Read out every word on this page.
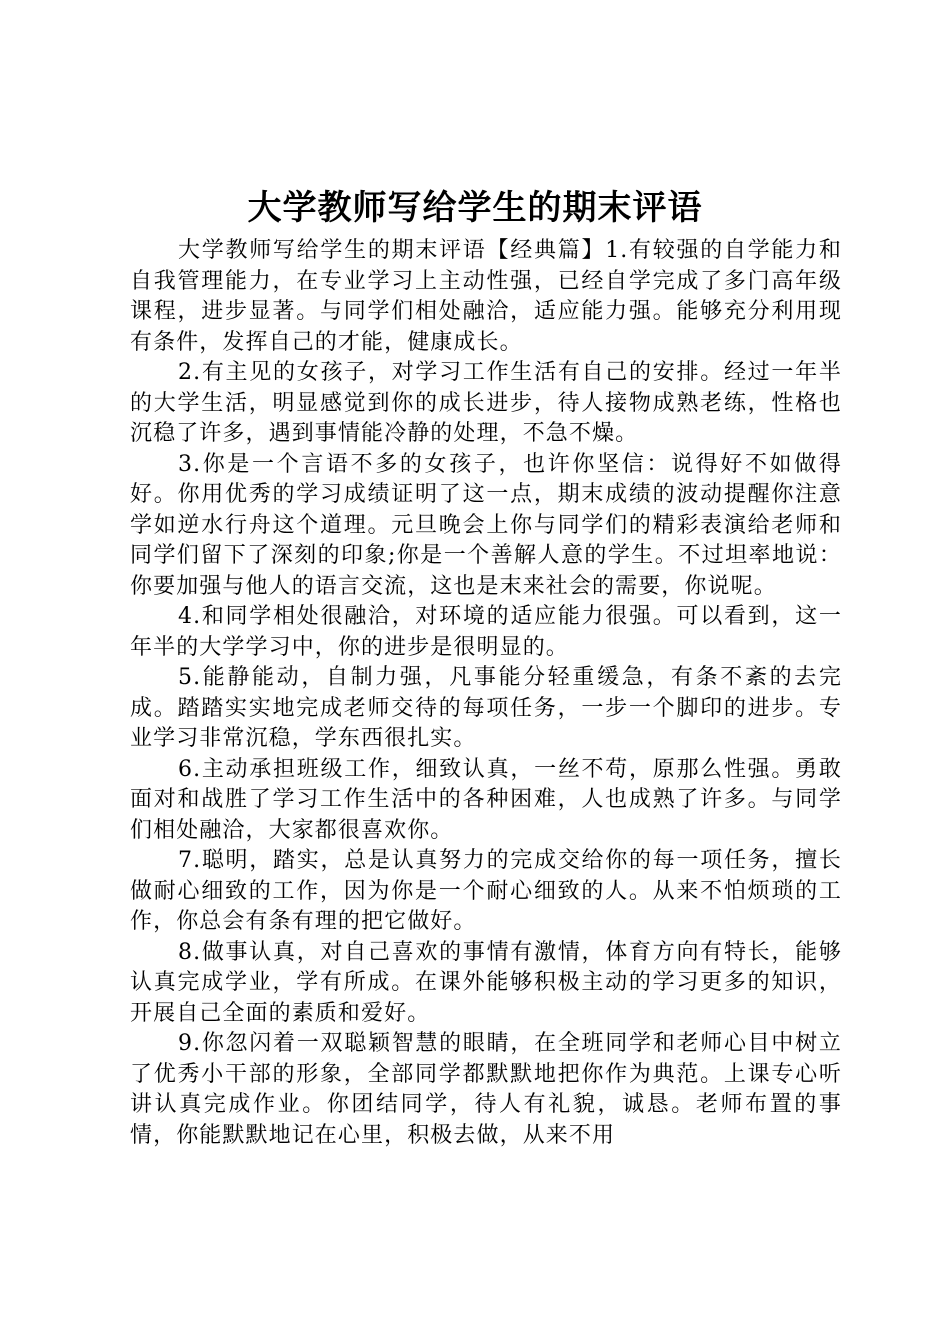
大学教师写给学生的期末评语

大学教师写给学生的期末评语【经典篇】1.有较强的自学能力和自我管理能力，在专业学习上主动性强，已经自学完成了多门高年级课程，进步显著。与同学们相处融洽，适应能力强。能够充分利用现有条件，发挥自己的才能，健康成长。

2.有主见的女孩子，对学习工作生活有自己的安排。经过一年半的大学生活，明显感觉到你的成长进步，待人接物成熟老练，性格也沉稳了许多，遇到事情能冷静的处理，不急不燥。

3.你是一个言语不多的女孩子，也许你坚信：说得好不如做得好。你用优秀的学习成绩证明了这一点，期末成绩的波动提醒你注意学如逆水行舟这个道理。元旦晚会上你与同学们的精彩表演给老师和同学们留下了深刻的印象;你是一个善解人意的学生。不过坦率地说：你要加强与他人的语言交流，这也是末来社会的需要，你说呢。

4.和同学相处很融洽，对环境的适应能力很强。可以看到，这一年半的大学学习中，你的进步是很明显的。

5.能静能动，自制力强，凡事能分轻重缓急，有条不紊的去完成。踏踏实实地完成老师交待的每项任务，一步一个脚印的进步。专业学习非常沉稳，学东西很扎实。

6.主动承担班级工作，细致认真，一丝不苟，原那么性强。勇敢面对和战胜了学习工作生活中的各种困难，人也成熟了许多。与同学们相处融洽，大家都很喜欢你。

7.聪明，踏实，总是认真努力的完成交给你的每一项任务，擅长做耐心细致的工作，因为你是一个耐心细致的人。从来不怕烦琐的工作，你总会有条有理的把它做好。

8.做事认真，对自己喜欢的事情有激情，体育方向有特长，能够认真完成学业，学有所成。在课外能够积极主动的学习更多的知识，开展自己全面的素质和爱好。

9.你忽闪着一双聪颖智慧的眼睛，在全班同学和老师心目中树立了优秀小干部的形象，全部同学都默默地把你作为典范。上课专心听讲认真完成作业。你团结同学，待人有礼貌，诚恳。老师布置的事情，你能默默地记在心里，积极去做，从来不用
